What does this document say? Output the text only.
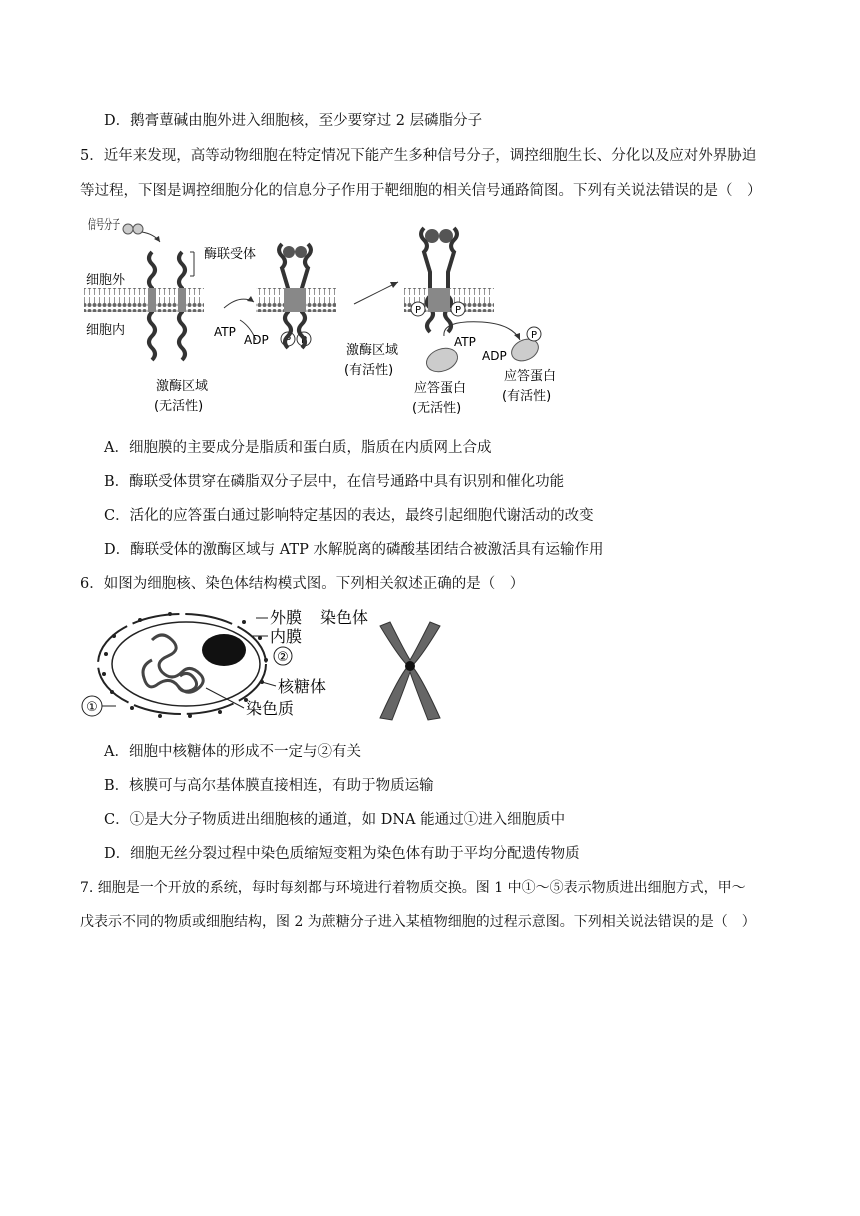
D．鹅膏蕈碱由胞外进入细胞核，至少要穿过 2 层磷脂分子
5．近年来发现，高等动物细胞在特定情况下能产生多种信号分子，调控细胞生长、分化以及应对外界胁迫
等过程，下图是调控细胞分化的信息分子作用于靶细胞的相关信号通路简图。下列有关说法错误的是（　）
P P
P	P
P
信号分子
酶联受体
细胞外
细胞内
激酶区域
(无活性)
ATP
ADP
激酶区域
(有活性)
ATP
ADP
应答蛋白
(无活性)
应答蛋白
(有活性)
A．细胞膜的主要成分是脂质和蛋白质，脂质在内质网上合成
B．酶联受体贯穿在磷脂双分子层中，在信号通路中具有识别和催化功能
C．活化的应答蛋白通过影响特定基因的表达，最终引起细胞代谢活动的改变
D．酶联受体的激酶区域与 ATP 水解脱离的磷酸基团结合被激活具有运输作用
6．如图为细胞核、染色体结构模式图。下列相关叙述正确的是（　）
外膜
内膜
染色体
②
核糖体
染色质
①
A．细胞中核糖体的形成不一定与②有关
B．核膜可与高尔基体膜直接相连，有助于物质运输
C．①是大分子物质进出细胞核的通道，如 DNA 能通过①进入细胞质中
D．细胞无丝分裂过程中染色质缩短变粗为染色体有助于平均分配遗传物质
7. 细胞是一个开放的系统，每时每刻都与环境进行着物质交换。图 1 中①～⑤表示物质进出细胞方式，甲～
戊表示不同的物质或细胞结构，图 2 为蔗糖分子进入某植物细胞的过程示意图。下列相关说法错误的是（　）
